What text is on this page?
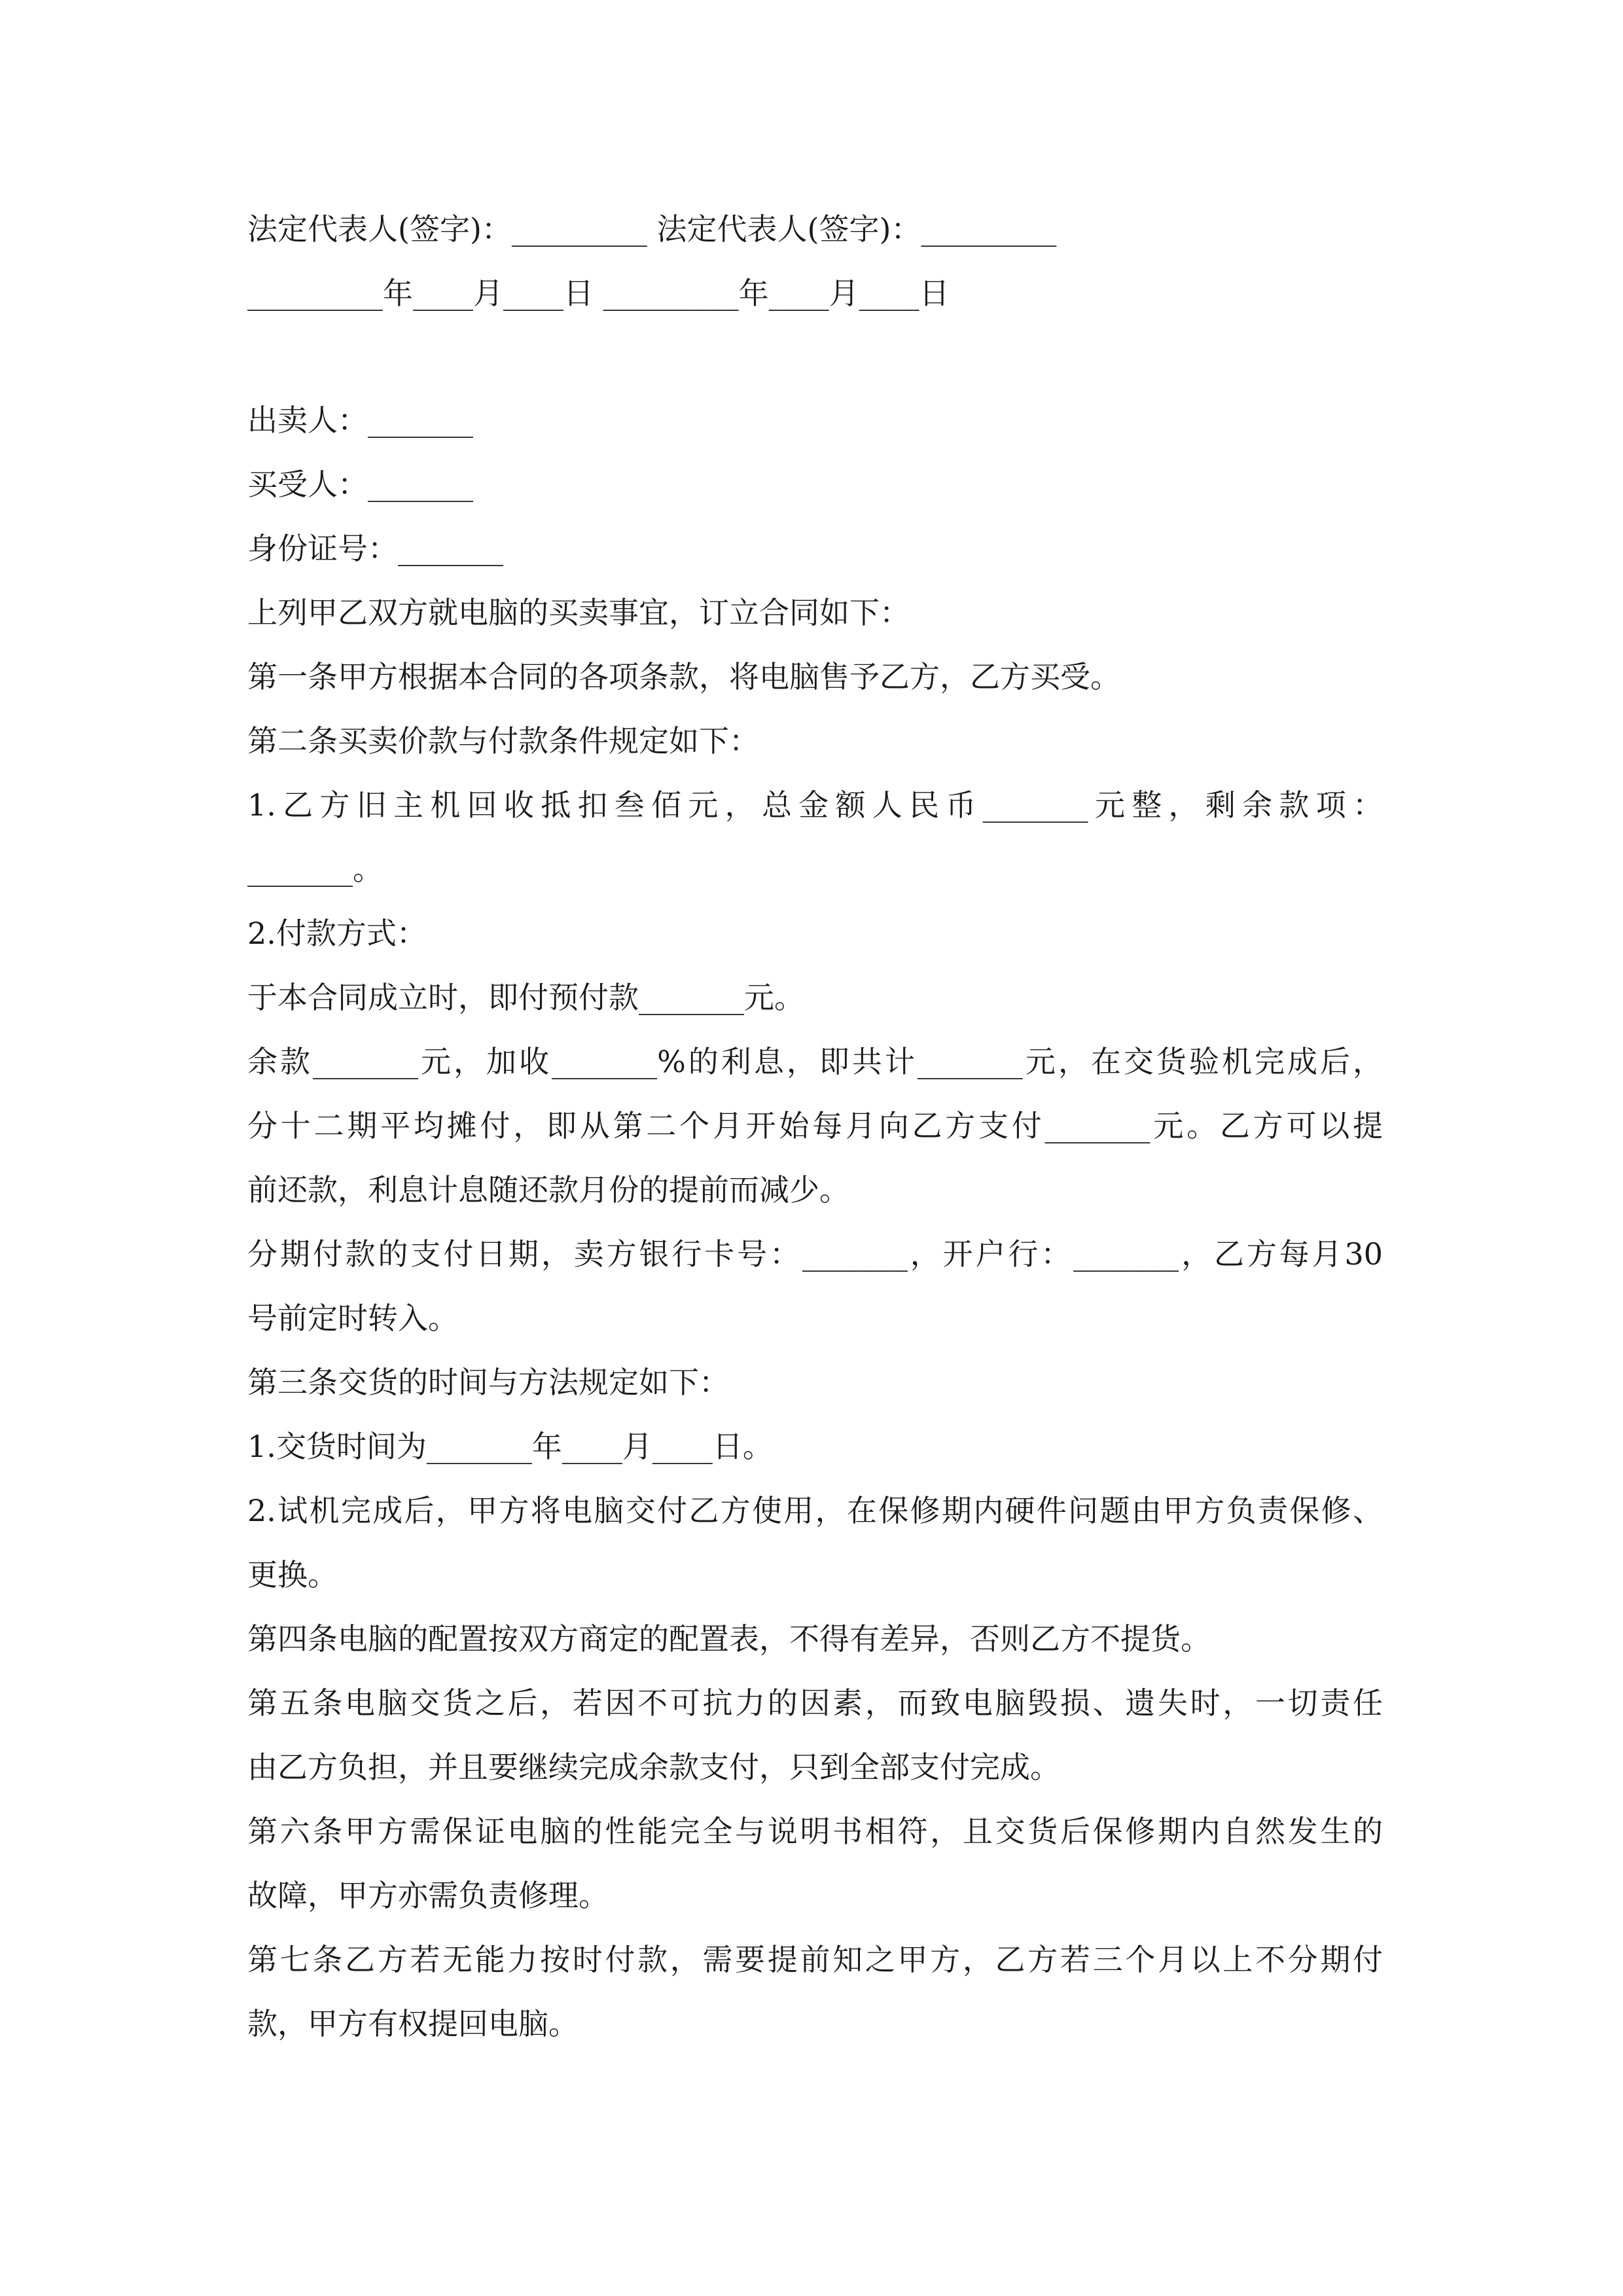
法定代表人(签字)：_________ 法定代表人(签字)：_________
_________年____月____日 _________年____月____日
出卖人：_______
买受人：_______
身份证号：_______
上列甲乙双方就电脑的买卖事宜，订立合同如下：
第一条甲方根据本合同的各项条款，将电脑售予乙方，乙方买受。
第二条买卖价款与付款条件规定如下：
1.乙方旧主机回收抵扣叁佰元，总金额人民币_______元整，剩余款项：
_______。
2.付款方式：
于本合同成立时，即付预付款_______元。
余款_______元，加收_______%的利息，即共计_______元，在交货验机完成后，
分十二期平均摊付，即从第二个月开始每月向乙方支付_______元。乙方可以提
前还款，利息计息随还款月份的提前而减少。
分期付款的支付日期，卖方银行卡号：_______，开户行：_______，乙方每月30
号前定时转入。
第三条交货的时间与方法规定如下：
1.交货时间为_______年____月____日。
2.试机完成后，甲方将电脑交付乙方使用，在保修期内硬件问题由甲方负责保修、
更换。
第四条电脑的配置按双方商定的配置表，不得有差异，否则乙方不提货。
第五条电脑交货之后，若因不可抗力的因素，而致电脑毁损、遗失时，一切责任
由乙方负担，并且要继续完成余款支付，只到全部支付完成。
第六条甲方需保证电脑的性能完全与说明书相符，且交货后保修期内自然发生的
故障，甲方亦需负责修理。
第七条乙方若无能力按时付款，需要提前知之甲方，乙方若三个月以上不分期付
款，甲方有权提回电脑。
